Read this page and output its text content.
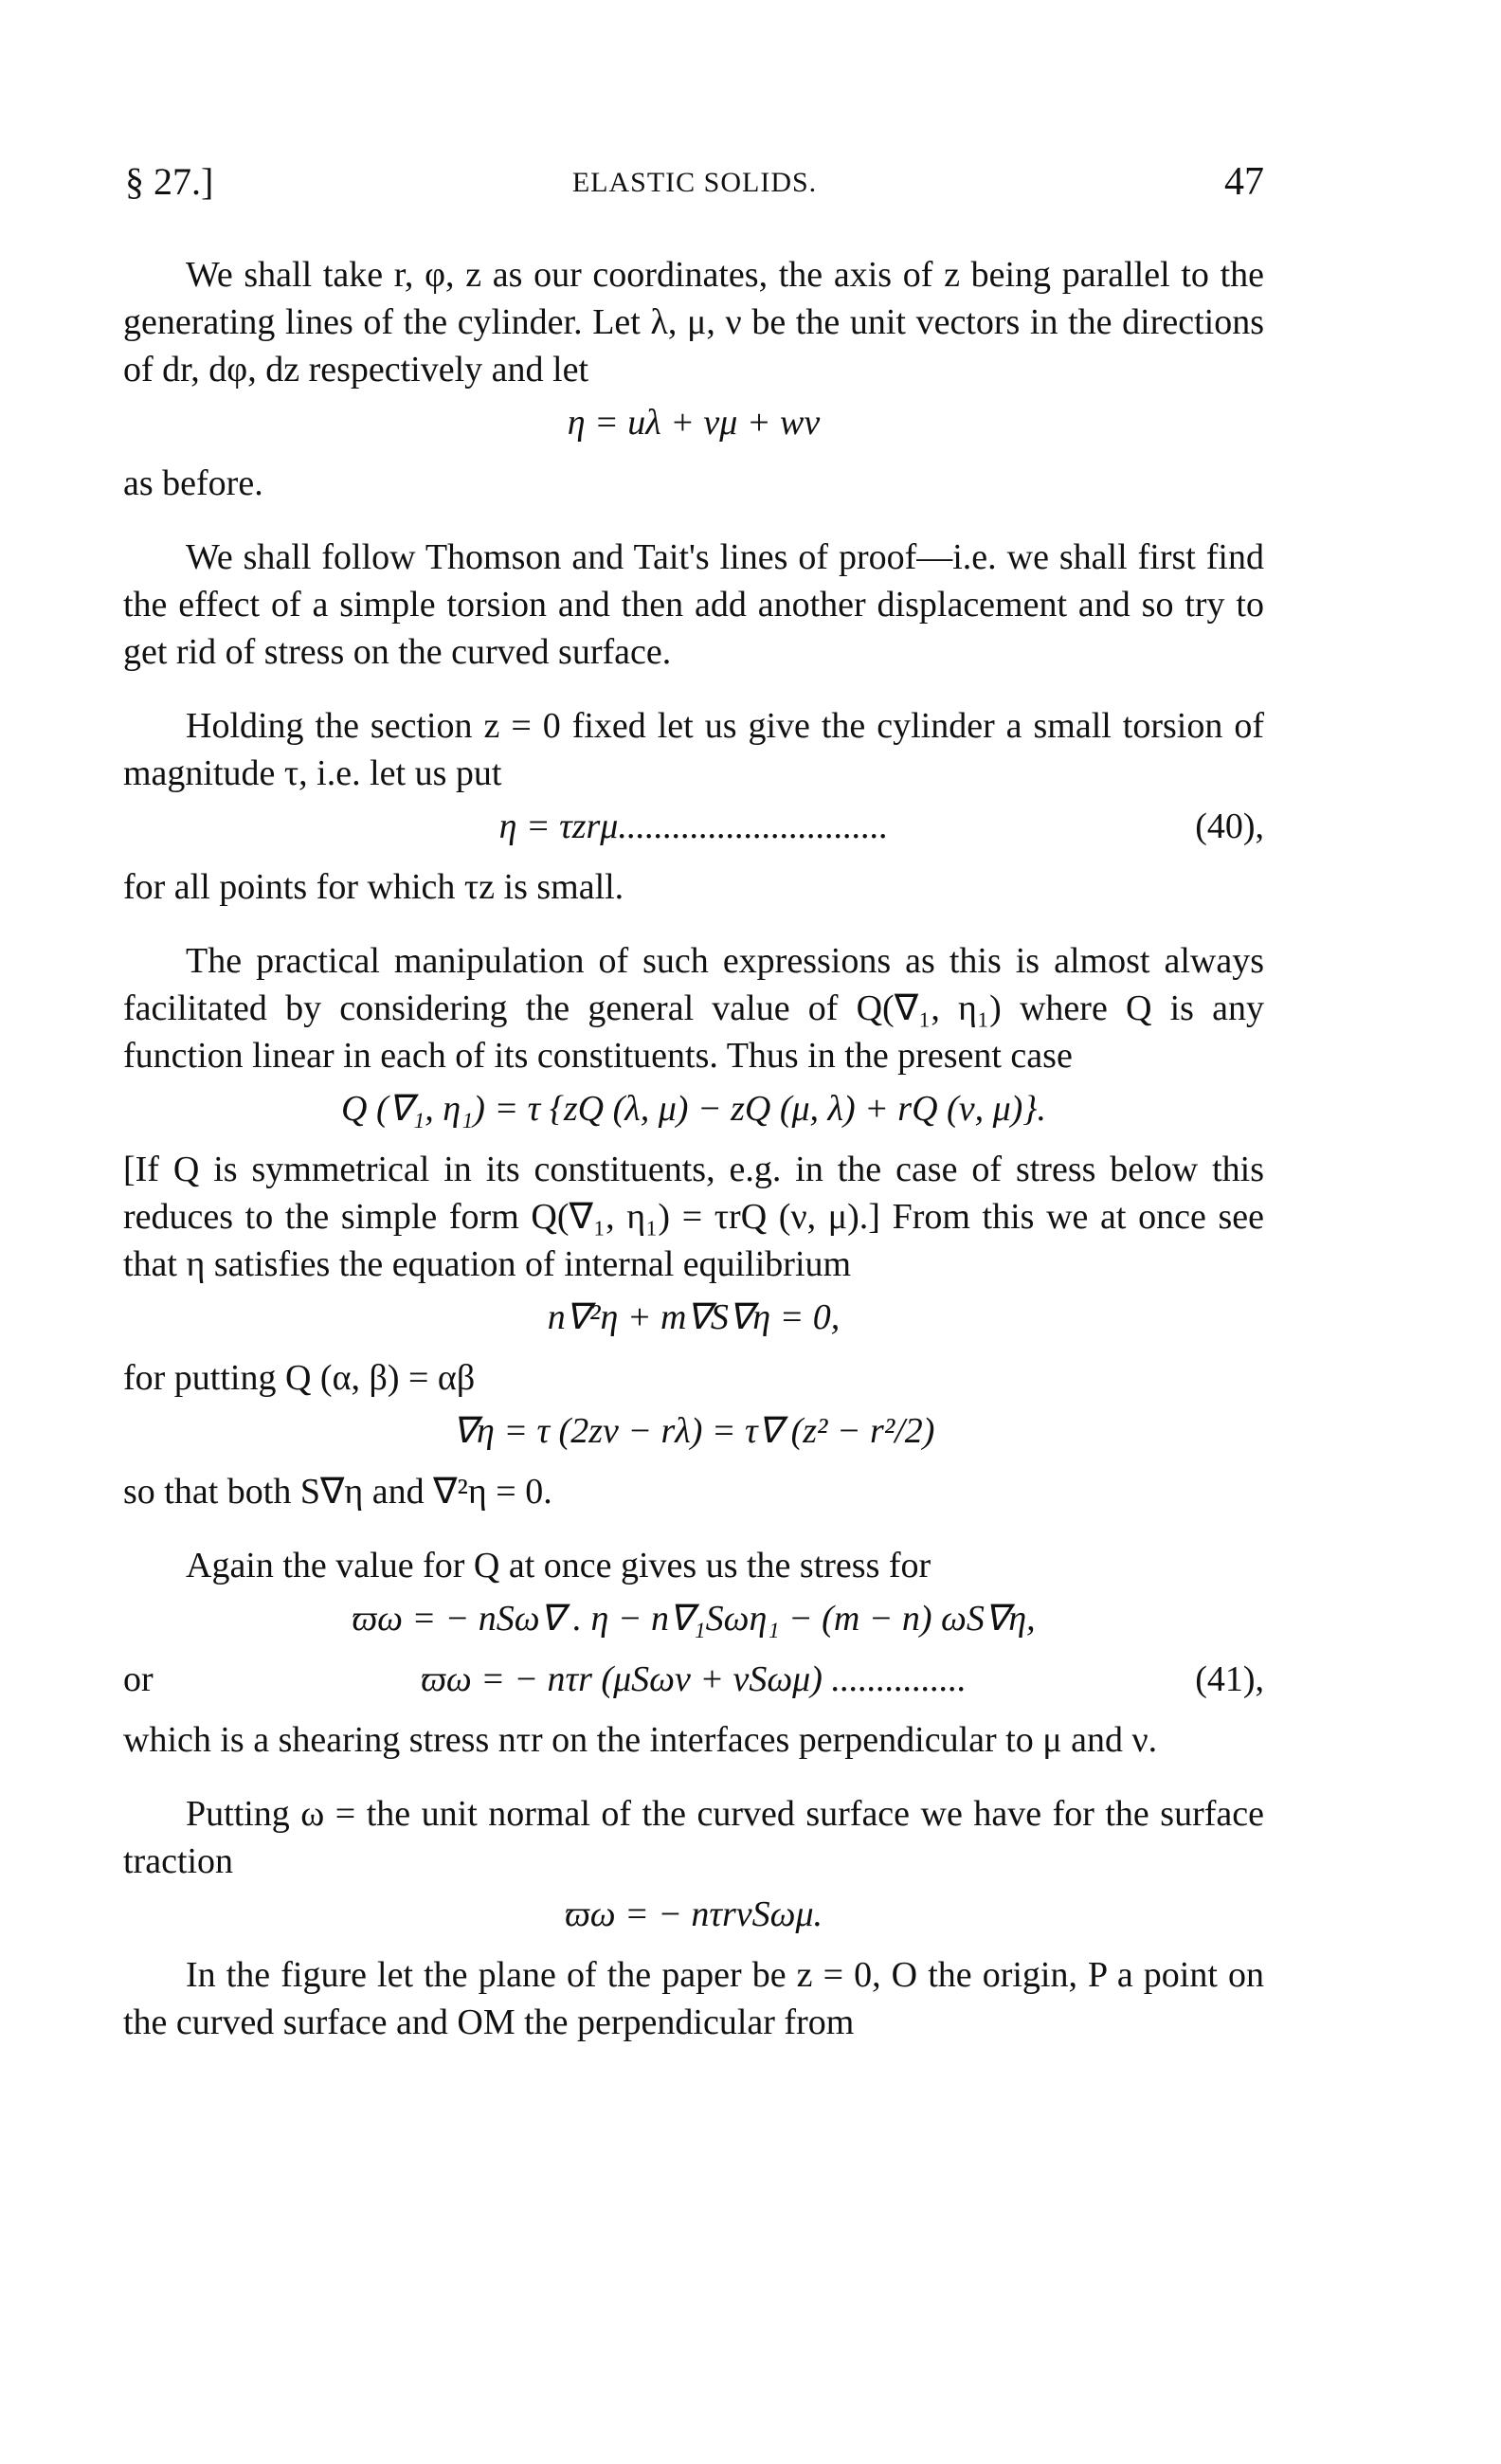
§ 27.]	ELASTIC SOLIDS.	47

We shall take r, φ, z as our coordinates, the axis of z being parallel to the generating lines of the cylinder. Let λ, μ, ν be the unit vectors in the directions of dr, dφ, dz respectively and let

η = uλ + vμ + wν

as before.

We shall follow Thomson and Tait's lines of proof—i.e. we shall first find the effect of a simple torsion and then add another displacement and so try to get rid of stress on the curved surface.

Holding the section z = 0 fixed let us give the cylinder a small torsion of magnitude τ, i.e. let us put

η = τzrμ..............................	(40),

for all points for which τz is small.

The practical manipulation of such expressions as this is almost always facilitated by considering the general value of Q(∇₁, η₁) where Q is any function linear in each of its constituents. Thus in the present case

Q (∇₁, η₁) = τ {zQ (λ, μ) − zQ (μ, λ) + rQ (ν, μ)}.

[If Q is symmetrical in its constituents, e.g. in the case of stress below this reduces to the simple form Q(∇₁, η₁) = τrQ (ν, μ).] From this we at once see that η satisfies the equation of internal equilibrium

n∇²η + m∇S∇η = 0,

for putting Q (α, β) = αβ

∇η = τ (2zν − rλ) = τ∇ (z² − r²/2)

so that both S∇η and ∇²η = 0.

Again the value for Q at once gives us the stress for

ϖω = − nSω∇ . η − n∇₁Sωη₁ − (m − n) ωS∇η,
or	ϖω = − nτr (μSων + νSωμ) ...............	(41),

which is a shearing stress nτr on the interfaces perpendicular to μ and ν.

Putting ω = the unit normal of the curved surface we have for the surface traction

ϖω = − nτrνSωμ.

In the figure let the plane of the paper be z = 0, O the origin, P a point on the curved surface and OM the perpendicular from
